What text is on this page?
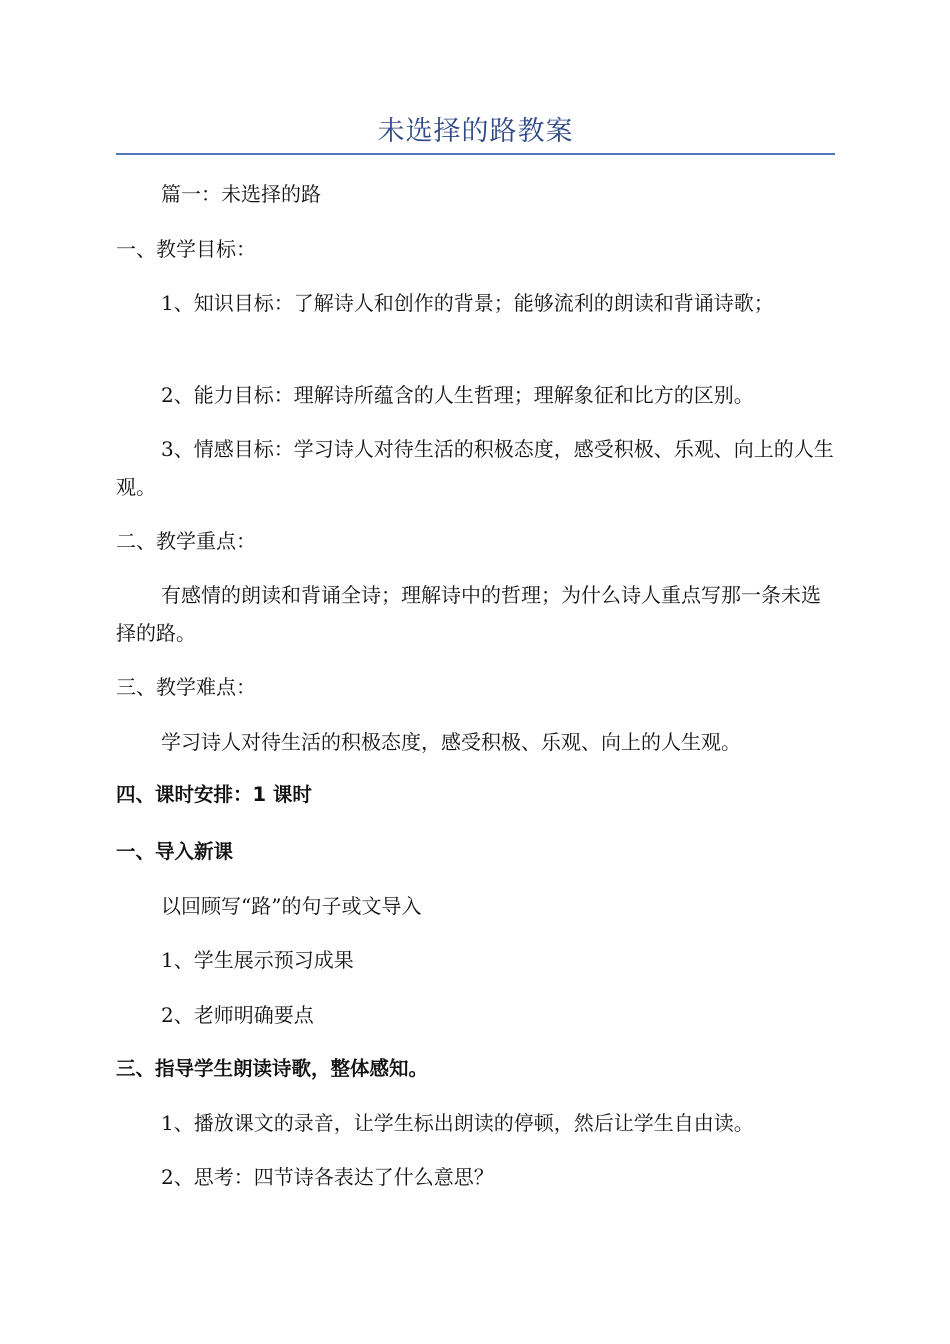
未选择的路教案

篇一：未选择的路

一、教学目标：

1、知识目标：了解诗人和创作的背景；能够流利的朗读和背诵诗歌；

2、能力目标：理解诗所蕴含的人生哲理；理解象征和比方的区别。

3、情感目标：学习诗人对待生活的积极态度，感受积极、乐观、向上的人生观。

二、教学重点：

有感情的朗读和背诵全诗；理解诗中的哲理；为什么诗人重点写那一条未选择的路。

三、教学难点：

学习诗人对待生活的积极态度，感受积极、乐观、向上的人生观。

四、课时安排：1 课时

一、导入新课

以回顾写“路”的句子或文导入

1、学生展示预习成果

2、老师明确要点

三、指导学生朗读诗歌，整体感知。

1、播放课文的录音，让学生标出朗读的停顿，然后让学生自由读。

2、思考：四节诗各表达了什么意思？
